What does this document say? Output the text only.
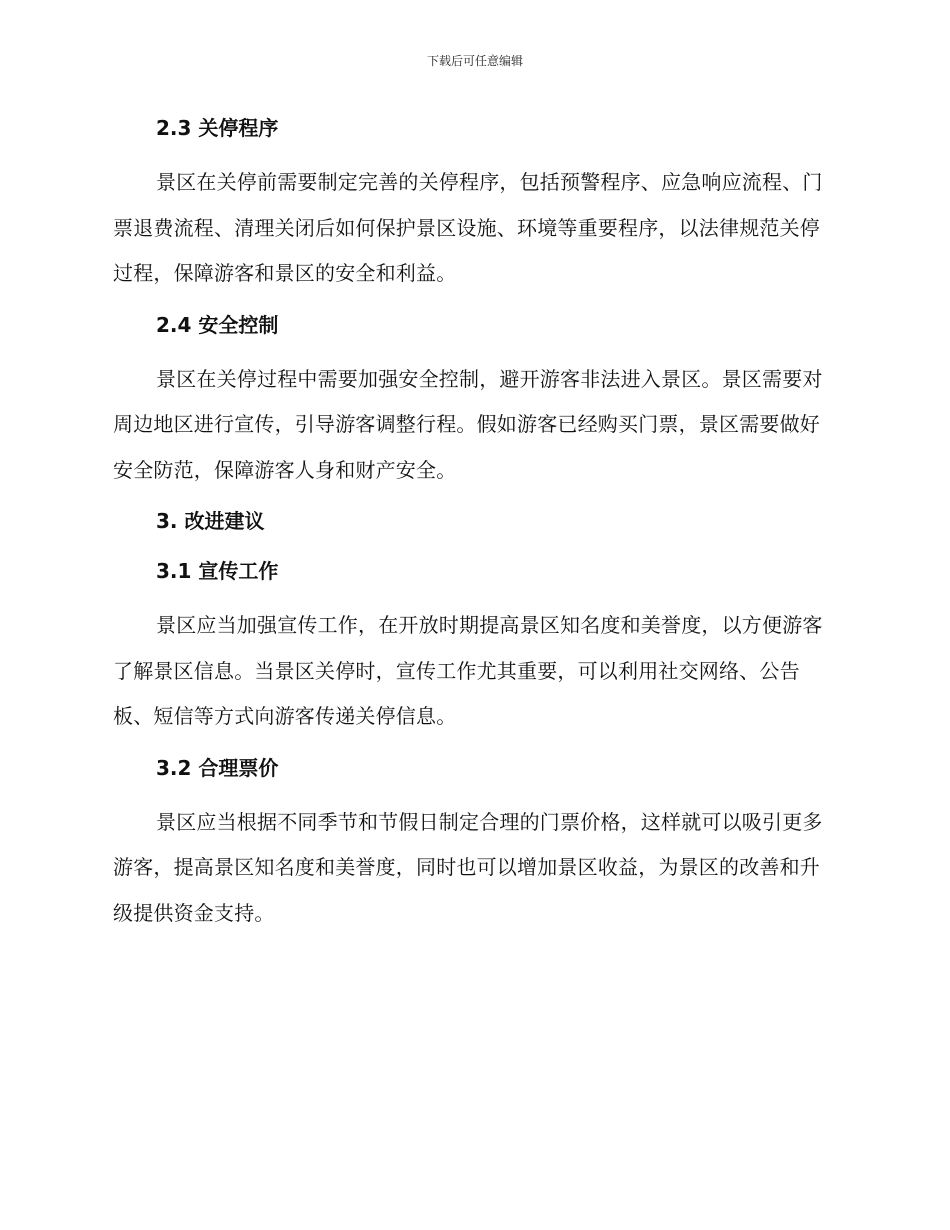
下载后可任意编辑
2.3 关停程序

景区在关停前需要制定完善的关停程序，包括预警程序、应急响应流程、门票退费流程、清理关闭后如何保护景区设施、环境等重要程序，以法律规范关停过程，保障游客和景区的安全和利益。

2.4 安全控制

景区在关停过程中需要加强安全控制，避开游客非法进入景区。景区需要对周边地区进行宣传，引导游客调整行程。假如游客已经购买门票，景区需要做好安全防范，保障游客人身和财产安全。

3. 改进建议
3.1 宣传工作

景区应当加强宣传工作，在开放时期提高景区知名度和美誉度，以方便游客了解景区信息。当景区关停时，宣传工作尤其重要，可以利用社交网络、公告板、短信等方式向游客传递关停信息。

3.2 合理票价

景区应当根据不同季节和节假日制定合理的门票价格，这样就可以吸引更多游客，提高景区知名度和美誉度，同时也可以增加景区收益，为景区的改善和升级提供资金支持。
